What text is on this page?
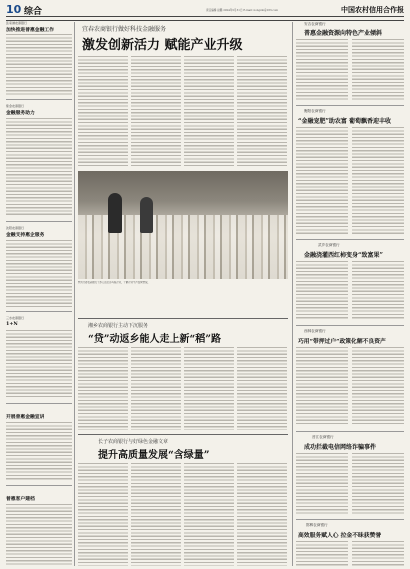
10 综合	责任编辑 赵鹏 2024年5月31日 E-mail: nongxin@163.com	中国农村信用合作报
张家港农商银行
加快推进普惠金融工作
紫金农商银行
金融服务助力
沈阳农商银行
金融支持惠企服务
三水农商银行
1+N
开展普惠金融宣讲
普惠客户建档
宜春农商银行做好科技金融服务
激发创新活力 赋能产业升级
图为宜春农商银行工作人员走访当地企业，了解企业生产经营情况。
湘乡农商银行主动下沉服务
“贷”动返乡能人走上新“稻”路
长子农商银行与好绿色金融文章
提升高质量发展“含绿量”
安吉农商银行
普惠金融资源向特色产业倾斜
衡阳农商银行
“金融宠肥”助农富 葡萄飘香迎丰收
武乡农商银行
金融浇灌西红柿变身“致富果”
西林农商银行
巧用“带押过户”政策化解不良资产
晋江农商银行
成功拦截电信网络诈骗事件
邯郸农商银行
高效服务赋人心 拉金不昧获赞誉
